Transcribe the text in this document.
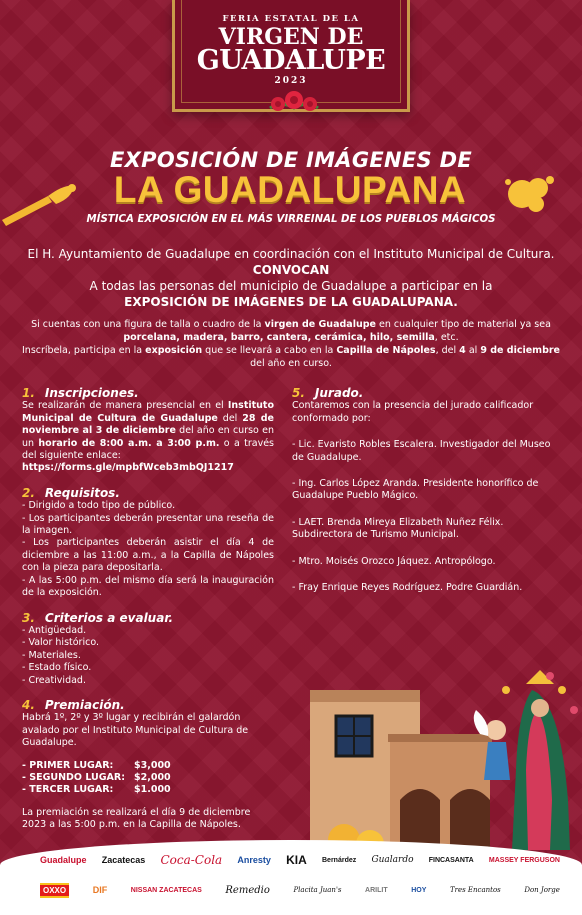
FERIA ESTATAL DE LA
VIRGEN DE
GUADALUPE
2023
EXPOSICIÓN DE IMÁGENES DE
LA GUADALUPANA
MÍSTICA EXPOSICIÓN EN EL MÁS VIRREINAL DE LOS PUEBLOS MÁGICOS
El H. Ayuntamiento de Guadalupe en coordinación con el Instituto Municipal de Cultura.
CONVOCAN
A todas las personas del municipio de Guadalupe a participar en la
EXPOSICIÓN DE IMÁGENES DE LA GUADALUPANA.
Si cuentas con una figura de talla o cuadro de la virgen de Guadalupe en cualquier tipo de material ya sea
porcelana, madera, barro, cantera, cerámica, hilo, semilla, etc.
Inscríbela, participa en la exposición que se llevará a cabo en la Capilla de Nápoles, del 4 al 9 de diciembre del año en curso.
1. Inscripciones.
Se realizarán de manera presencial en el Instituto Municipal de Cultura de Guadalupe del 28 de noviembre al 3 de diciembre del año en curso en un horario de 8:00 a.m. a 3:00 p.m. o a través del siguiente enlace:
https://forms.gle/mpbfWceb3mbQJ1217
2. Requisitos.
- Dirigido a todo tipo de público.
- Los participantes deberán presentar una reseña de la imagen.
- Los participantes deberán asistir el día 4 de diciembre a las 11:00 a.m., a la Capilla de Nápoles con la pieza para depositarla.
- A las 5:00 p.m. del mismo día será la inauguración de la exposición.
3. Criterios a evaluar.
- Antigüedad.
- Valor histórico.
- Materiales.
- Estado físico.
- Creatividad.
4. Premiación.
Habrá 1º, 2º y 3º lugar y recibirán el galardón avalado por el Instituto Municipal de Cultura de Guadalupe.
- PRIMER LUGAR:	$3,000
- SEGUNDO LUGAR: $2,000
- TERCER LUGAR:	$1.000
La premiación se realizará el día 9 de diciembre 2023 a las 5:00 p.m. en la Capilla de Nápoles.
5. Jurado.
Contaremos con la presencia del jurado calificador conformado por:
- Lic. Evaristo Robles Escalera. Investigador del Museo de Guadalupe.
- Ing. Carlos López Aranda. Presidente honorífico de Guadalupe Pueblo Mágico.
- LAET. Brenda Mireya Elizabeth Nuñez Félix. Subdirectora de Turismo Municipal.
- Mtro. Moisés Orozco Jáquez. Antropólogo.
- Fray Enrique Reyes Rodríguez. Podre Guardián.
Guadalupe Zacatecas Coca-Cola Anresty KIA Bernárdez Gualardo FINCASANTA MASSEY FERGUSON
OXXO	DIF	NISSAN ZACATECAS Remedio	Placita Juan's	ARILIT	HOY	Tres Encantos	Don Jorge
